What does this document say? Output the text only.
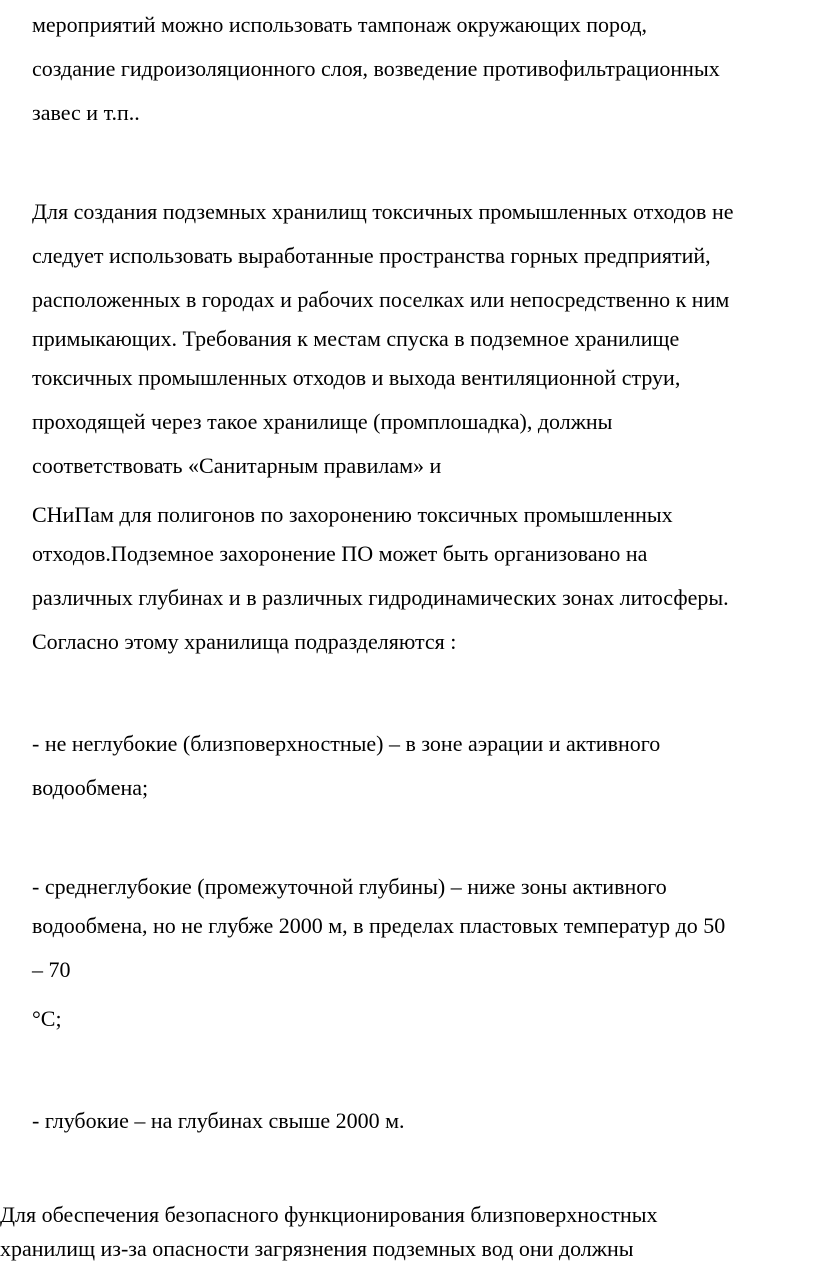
мероприятий можно использовать тампонаж окружающих пород,
создание гидроизоляционного слоя, возведение противофильтрационных
завес и т.п..
Для создания подземных хранилищ токсичных промышленных отходов не
следует использовать выработанные пространства горных предприятий,
расположенных в городах и рабочих поселках или непосредственно к ним
примыкающих. Требования к местам спуска в подземное хранилище
токсичных промышленных отходов и выхода вентиляционной струи,
проходящей через такое хранилище (промплошадка), должны
соответствовать «Санитарным правилам» и
СНиПам для полигонов по захоронению токсичных промышленных
отходов.Подземное захоронение ПО может быть организовано на
различных глубинах и в различных гидродинамических зонах литосферы.
Согласно этому хранилища подразделяются :
- не неглубокие (близповерхностные) – в зоне аэрации и активного
водообмена;
- среднеглубокие (промежуточной глубины) – ниже зоны активного
водообмена, но не глубже 2000 м, в пределах пластовых температур до 50
– 70
°С;
- глубокие – на глубинах свыше 2000 м.
Для обеспечения безопасного функционирования близповерхностных
хранилищ из-за опасности загрязнения подземных вод они должны
